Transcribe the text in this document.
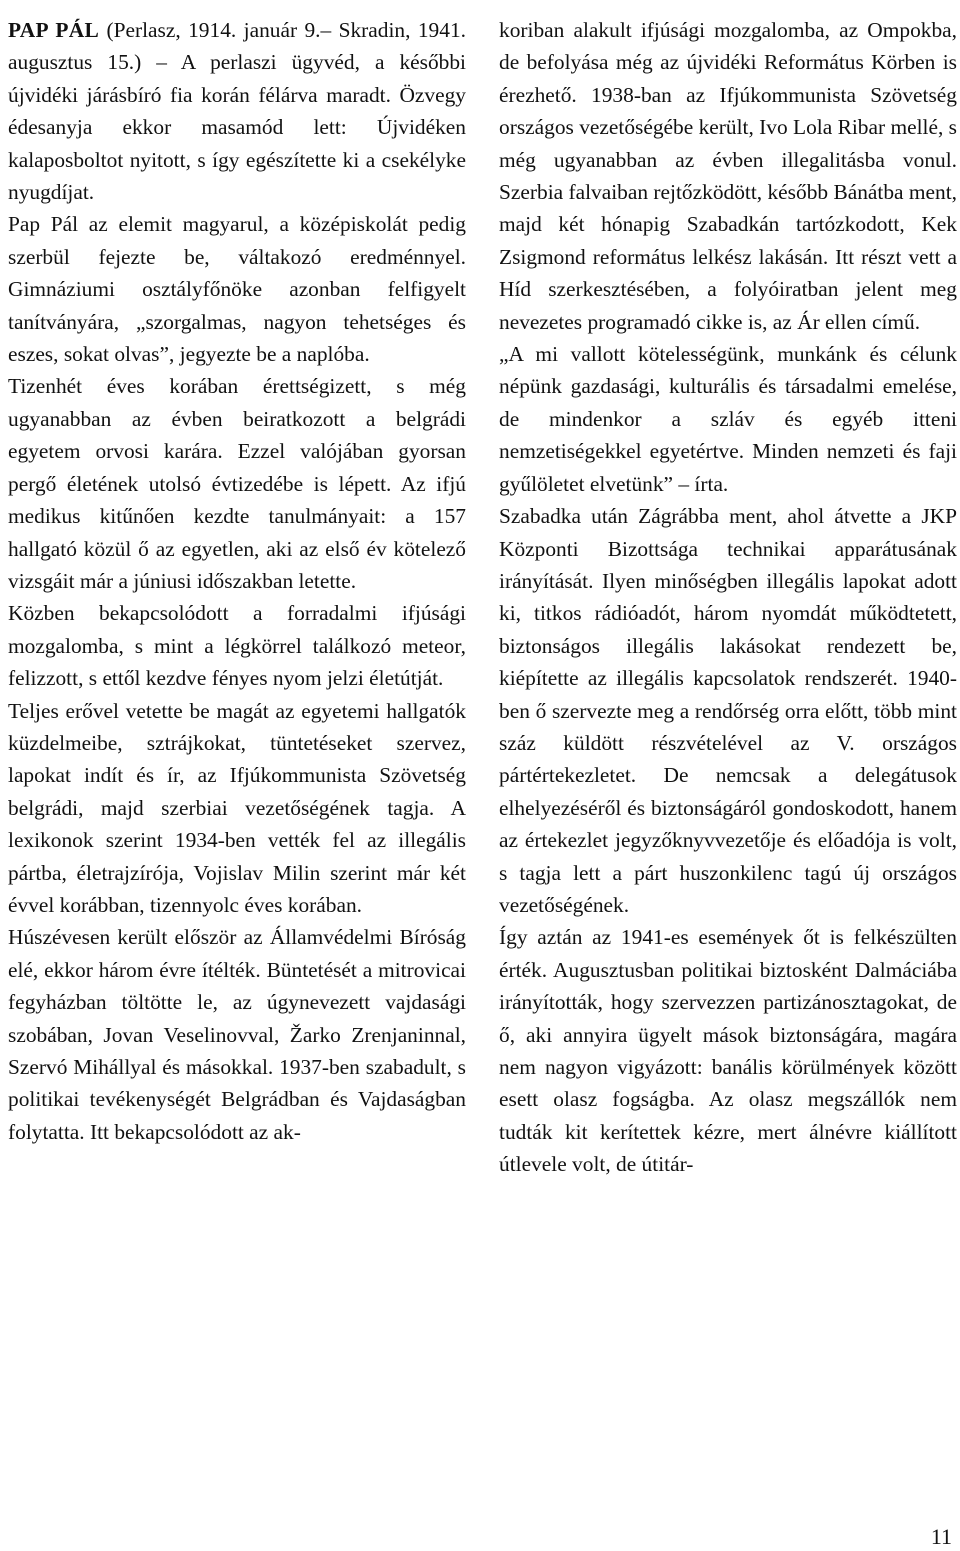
PAP PÁL (Perlasz, 1914. január 9.– Skradin, 1941. augusztus 15.) – A perlaszi ügyvéd, a későbbi újvidéki járásbíró fia korán félárva maradt. Özvegy édesanyja ekkor masamód lett: Újvidéken kalaposboltot nyitott, s így egészítette ki a csekélyke nyugdíjat.

Pap Pál az elemit magyarul, a középiskolát pedig szerbül fejezte be, váltakozó eredménnyel. Gimnáziumi osztályfőnöke azonban felfigyelt tanítványára, „szorgalmas, nagyon tehetséges és eszes, sokat olvas”, jegyezte be a naplóba.

Tizenhét éves korában érettségizett, s még ugyanabban az évben beiratkozott a belgrádi egyetem orvosi karára. Ezzel valójában gyorsan pergő életének utolsó évtizedébe is lépett. Az ifjú medikus kitűnően kezdte tanulmányait: a 157 hallgató közül ő az egyetlen, aki az első év kötelező vizsgáit már a júniusi időszakban letette.

Közben bekapcsolódott a forradalmi ifjúsági mozgalomba, s mint a légkörrel találkozó meteor, felizzott, s ettől kezdve fényes nyom jelzi életútját.

Teljes erővel vetette be magát az egyetemi hallgatók küzdelmeibe, sztrájkokat, tüntetéseket szervez, lapokat indít és ír, az Ifjúkommunista Szövetség belgrádi, majd szerbiai vezetőségének tagja. A lexikonok szerint 1934-ben vették fel az illegális pártba, életrajzírója, Vojislav Milin szerint már két évvel korábban, tizennyolc éves korában.

Húszévesen került először az Államvédelmi Bíróság elé, ekkor három évre ítélték. Büntetését a mitrovicai fegyházban töltötte le, az úgynevezett vajdasági szobában, Jovan Veselinovval, Žarko Zrenjaninnal, Szervó Mihállyal és másokkal. 1937-ben szabadult, s politikai tevékenységét Belgrádban és Vajdaságban folytatta. Itt bekapcsolódott az ak-

koriban alakult ifjúsági mozgalomba, az Ompokba, de befolyása még az újvidéki Református Körben is érezhető. 1938-ban az Ifjúkommunista Szövetség országos vezetőségébe került, Ivo Lola Ribar mellé, s még ugyanabban az évben illegalitásba vonul. Szerbia falvaiban rejtőzködött, később Bánátba ment, majd két hónapig Szabadkán tartózkodott, Kek Zsigmond református lelkész lakásán. Itt részt vett a Híd szerkesztésében, a folyóiratban jelent meg nevezetes programadó cikke is, az Ár ellen című.

„A mi vallott kötelességünk, munkánk és célunk népünk gazdasági, kulturális és társadalmi emelése, de mindenkor a szláv és egyéb itteni nemzetiségekkel egyetértve. Minden nemzeti és faji gyűlöletet elvetünk” – írta.

Szabadka után Zágrábba ment, ahol átvette a JKP Központi Bizottsága technikai apparátusának irányítását. Ilyen minőségben illegális lapokat adott ki, titkos rádióadót, három nyomdát működtetett, biztonságos illegális lakásokat rendezett be, kiépítette az illegális kapcsolatok rendszerét. 1940-ben ő szervezte meg a rendőrség orra előtt, több mint száz küldött részvételével az V. országos pártértekezletet. De nemcsak a delegátusok elhelyezéséről és biztonságáról gondoskodott, hanem az értekezlet jegyzőknyvvezetője és előadója is volt, s tagja lett a párt huszonkilenc tagú új országos vezetőségének.

Így aztán az 1941-es események őt is felkészülten érték. Augusztusban politikai biztosként Dalmáciába irányították, hogy szervezzen partizánosztagokat, de ő, aki annyira ügyelt mások biztonságára, magára nem nagyon vigyázott: banális körülmények között esett olasz fogságba. Az olasz megszállók nem tudták kit kerítettek kézre, mert álnévre kiállított útlevele volt, de útitár-

11
